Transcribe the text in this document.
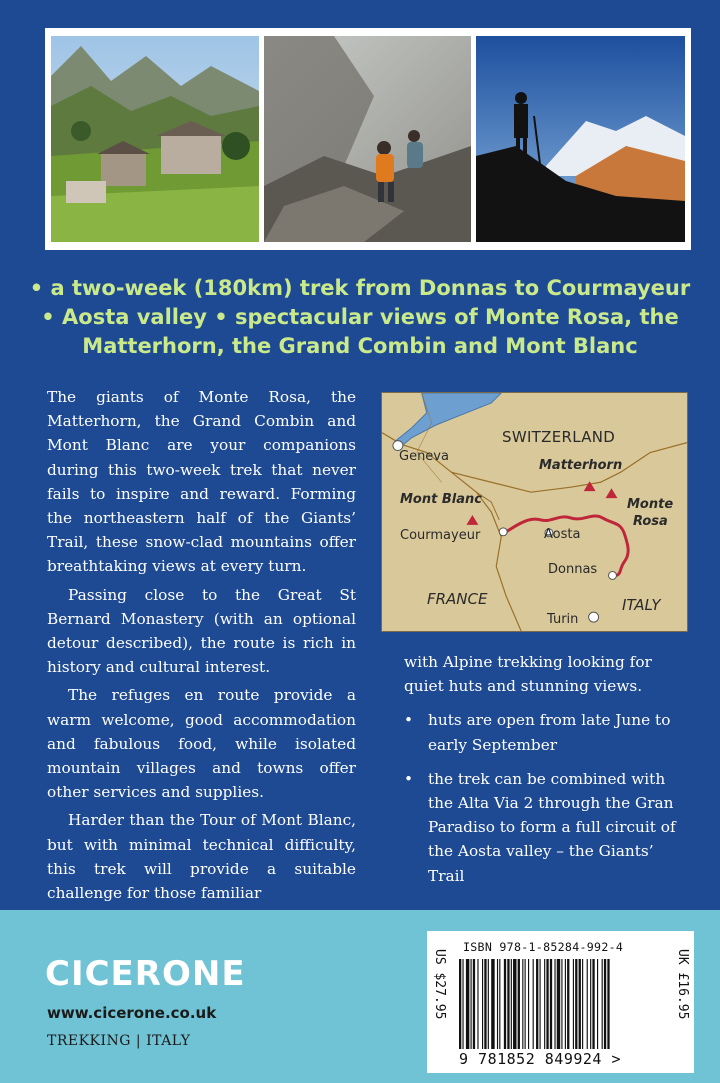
• a two-week (180km) trek from Donnas to Courmayeur
• Aosta valley • spectacular views of Monte Rosa, the
Matterhorn, the Grand Combin and Mont Blanc

The giants of Monte Rosa, the Matterhorn, the Grand Combin and Mont Blanc are your companions during this two-week trek that never fails to inspire and reward. Forming the northeastern half of the Giants’ Trail, these snow-clad mountains offer breathtaking views at every turn.

Passing close to the Great St Bernard Monastery (with an optional detour described), the route is rich in history and cultural interest.

The refuges en route provide a warm welcome, good accommodation and fabulous food, while isolated mountain villages and towns offer other services and supplies.

Harder than the Tour of Mont Blanc, but with minimal technical difficulty, this trek will provide a suitable challenge for those familiar

SWITZERLAND
FRANCE	ITALY
Geneva
Matterhorn
Mont Blanc	Monte
Rosa
Courmayeur	Aosta
Donnas
Turin

with Alpine trekking looking for quiet huts and stunning views.

• huts are open from late June to early September
• the trek can be combined with the Alta Via 2 through the Gran Paradiso to form a full circuit of the Aosta valley – the Giants’ Trail
CICERONE
www.cicerone.co.uk
TREKKING | ITALY
US $27.95
ISBN 978-1-85284-992-4
UK £16.95
9 781852 849924 >
